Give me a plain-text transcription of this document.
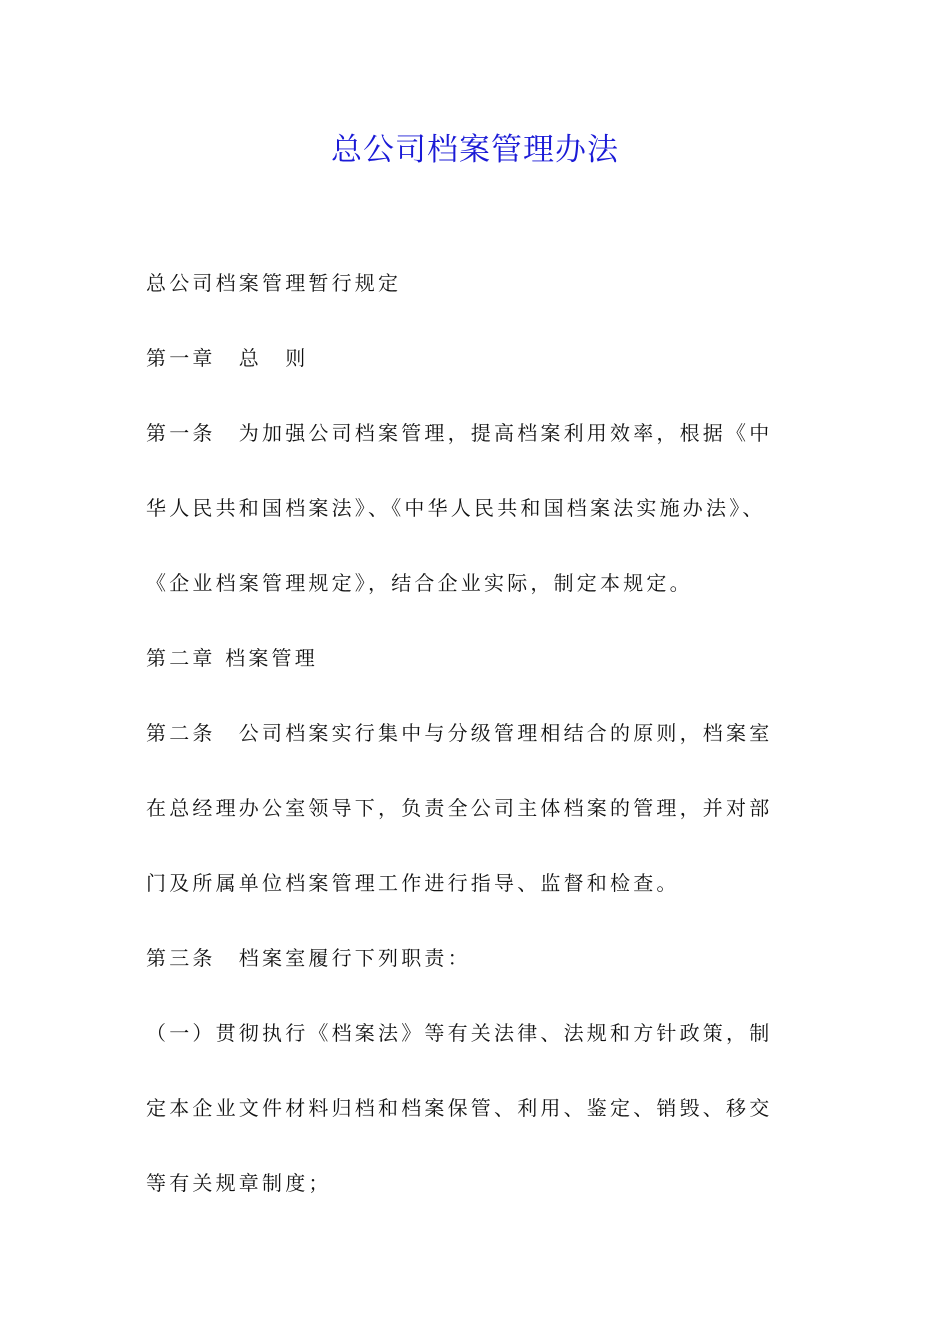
总公司档案管理办法
总公司档案管理暂行规定
第一章　总　则
第一条　为加强公司档案管理，提高档案利用效率，根据《中
华人民共和国档案法》、《中华人民共和国档案法实施办法》、
《企业档案管理规定》，结合企业实际，制定本规定。
第二章 档案管理
第二条　公司档案实行集中与分级管理相结合的原则，档案室
在总经理办公室领导下，负责全公司主体档案的管理，并对部
门及所属单位档案管理工作进行指导、监督和检查。
第三条　档案室履行下列职责：
（一）贯彻执行《档案法》等有关法律、法规和方针政策，制
定本企业文件材料归档和档案保管、利用、鉴定、销毁、移交
等有关规章制度；
